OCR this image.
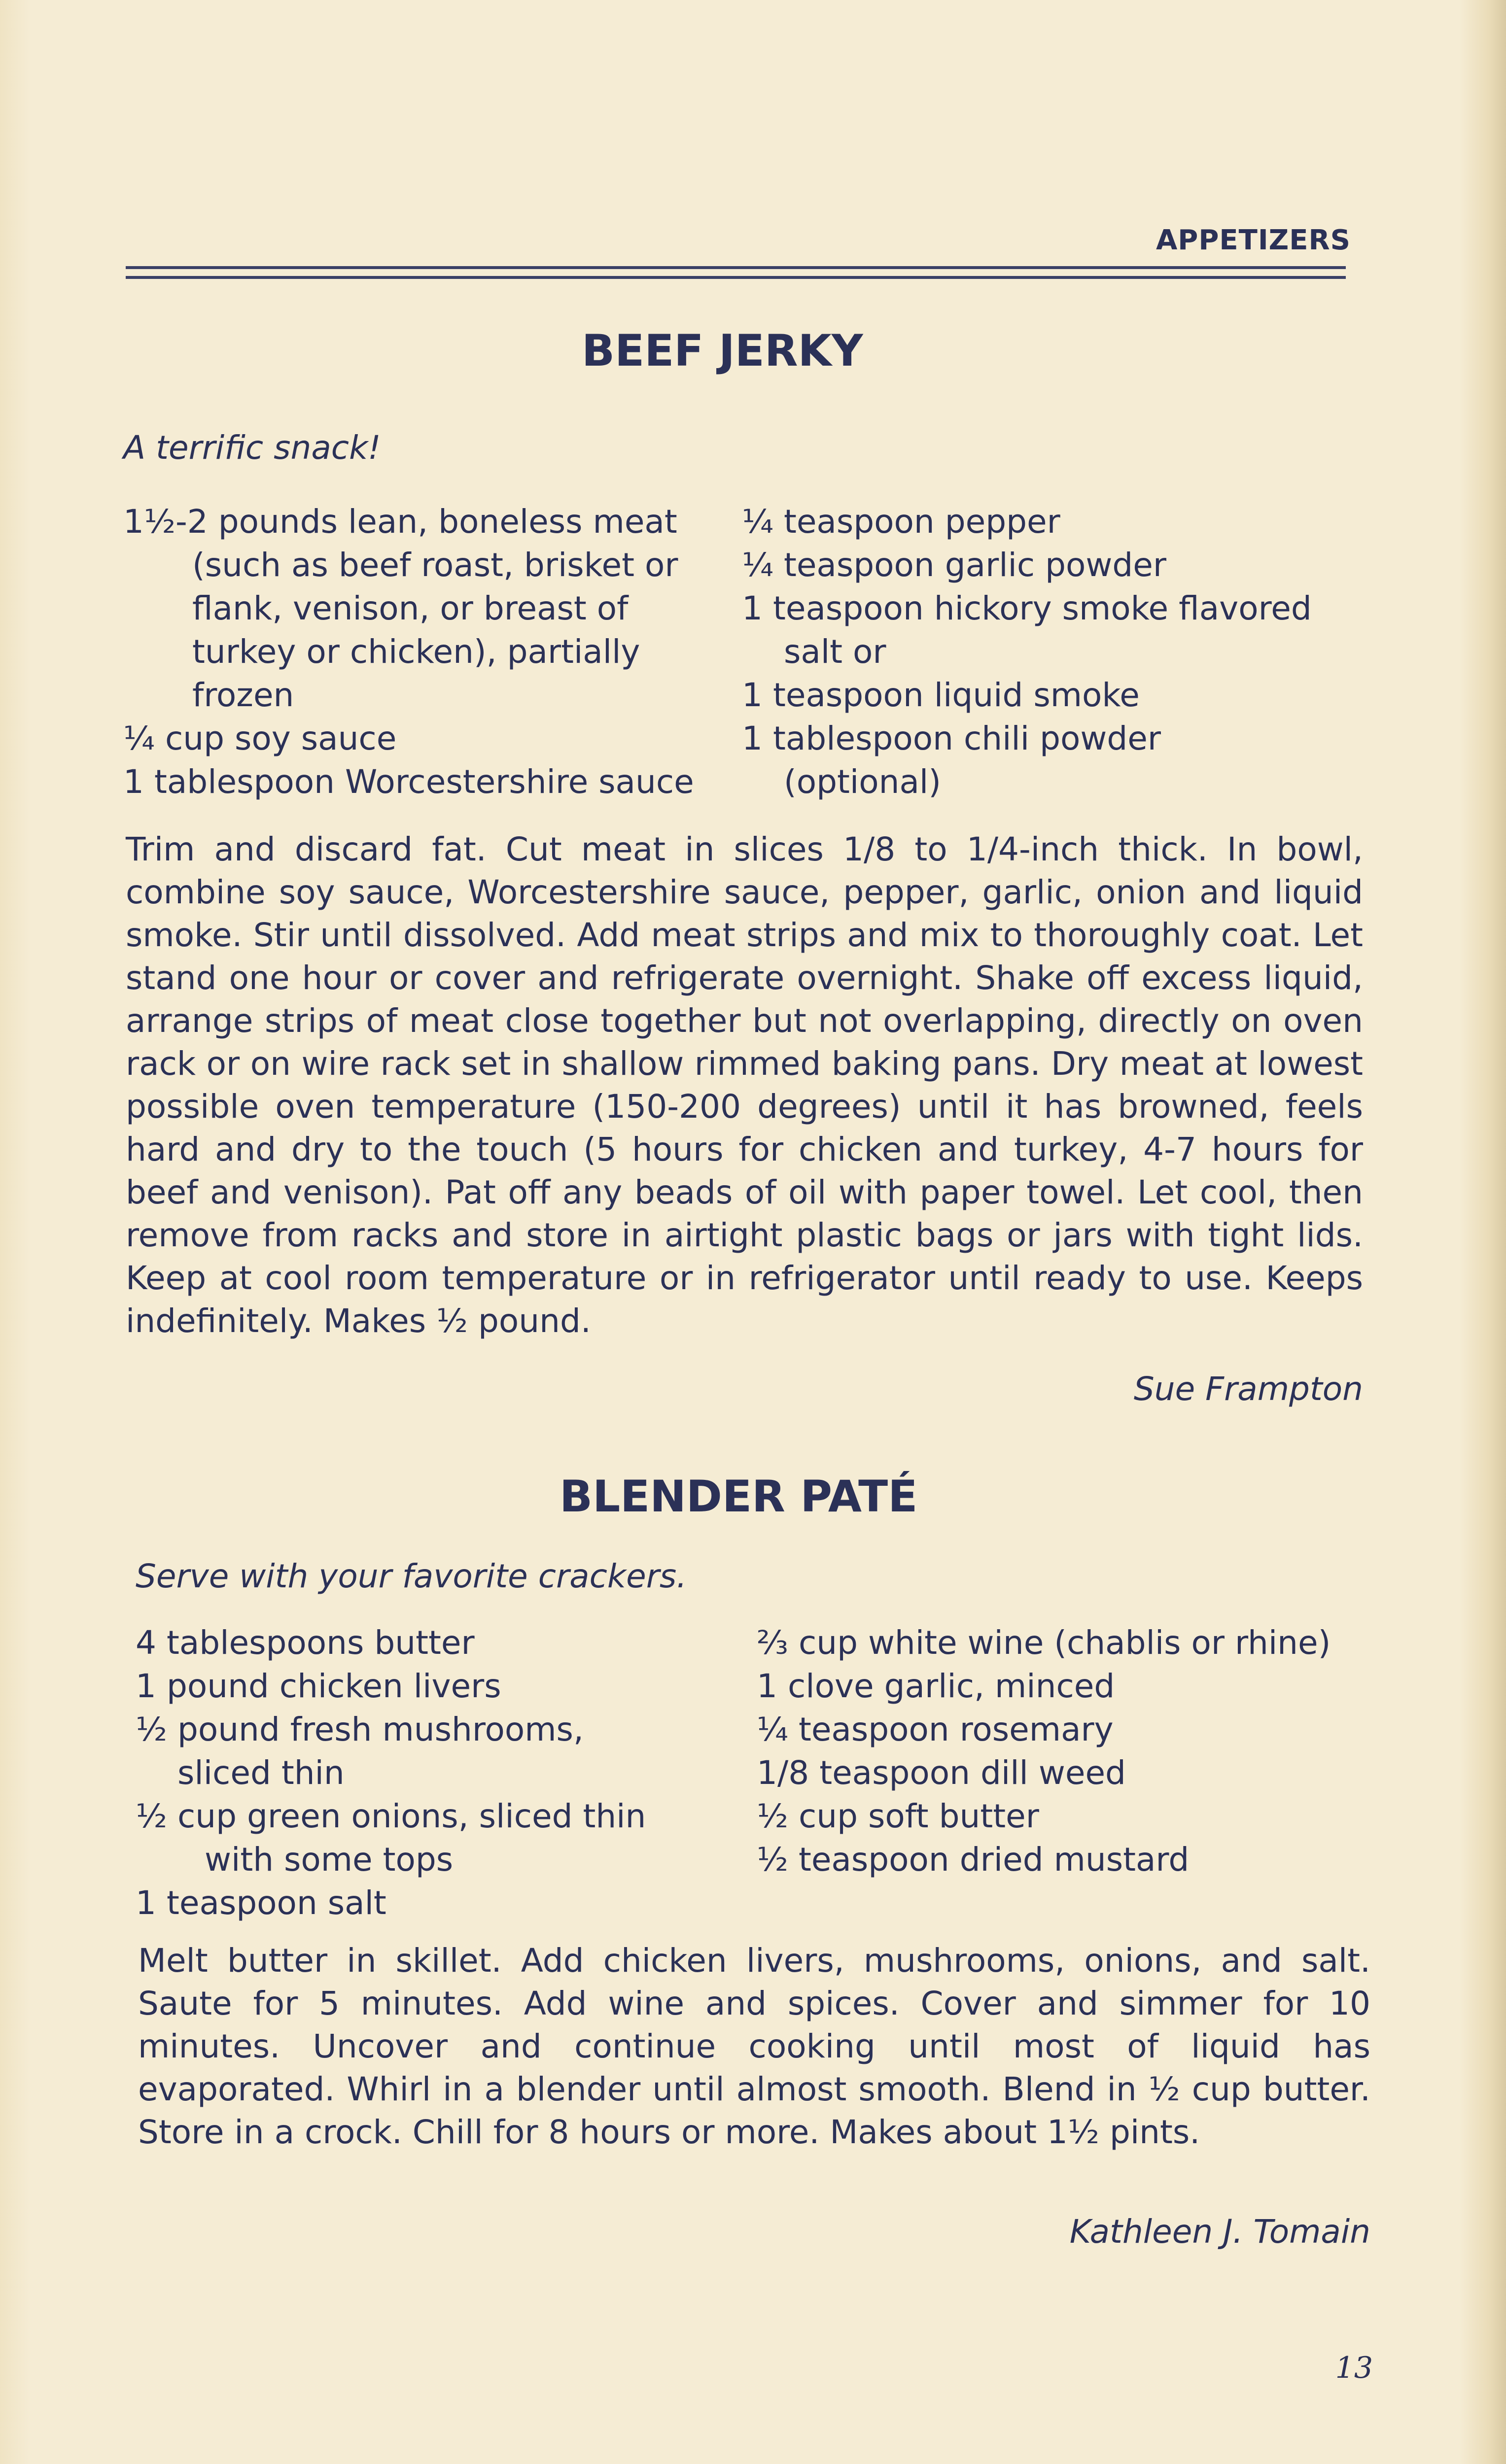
APPETIZERS
BEEF JERKY
A terrific snack!
1½-2 pounds lean, boneless meat
(such as beef roast, brisket or
flank, venison, or breast of
turkey or chicken), partially
frozen
¼ cup soy sauce
1 tablespoon Worcestershire sauce
¼ teaspoon pepper
¼ teaspoon garlic powder
1 teaspoon hickory smoke flavored
salt or
1 teaspoon liquid smoke
1 tablespoon chili powder
(optional)
Trim and discard fat. Cut meat in slices 1/8 to 1/4-inch thick. In bowl, combine soy sauce, Worcestershire sauce, pepper, garlic, onion and liquid smoke. Stir until dissolved. Add meat strips and mix to thoroughly coat. Let stand one hour or cover and refrigerate overnight. Shake off excess liquid, arrange strips of meat close together but not overlapping, directly on oven rack or on wire rack set in shallow rimmed baking pans. Dry meat at lowest possible oven temperature (150-200 degrees) until it has browned, feels hard and dry to the touch (5 hours for chicken and turkey, 4-7 hours for beef and venison). Pat off any beads of oil with paper towel. Let cool, then remove from racks and store in airtight plastic bags or jars with tight lids. Keep at cool room temperature or in refrigerator until ready to use. Keeps indefinitely. Makes ½ pound.
Sue Frampton
BLENDER PATÉ
Serve with your favorite crackers.
4 tablespoons butter
1 pound chicken livers
½ pound fresh mushrooms,
sliced thin
½ cup green onions, sliced thin
with some tops
1 teaspoon salt
⅔ cup white wine (chablis or rhine)
1 clove garlic, minced
¼ teaspoon rosemary
1/8 teaspoon dill weed
½ cup soft butter
½ teaspoon dried mustard
Melt butter in skillet. Add chicken livers, mushrooms, onions, and salt. Saute for 5 minutes. Add wine and spices. Cover and simmer for 10 minutes. Uncover and continue cooking until most of liquid has evaporated. Whirl in a blender until almost smooth. Blend in ½ cup butter. Store in a crock. Chill for 8 hours or more. Makes about 1½ pints.
Kathleen J. Tomain
13
